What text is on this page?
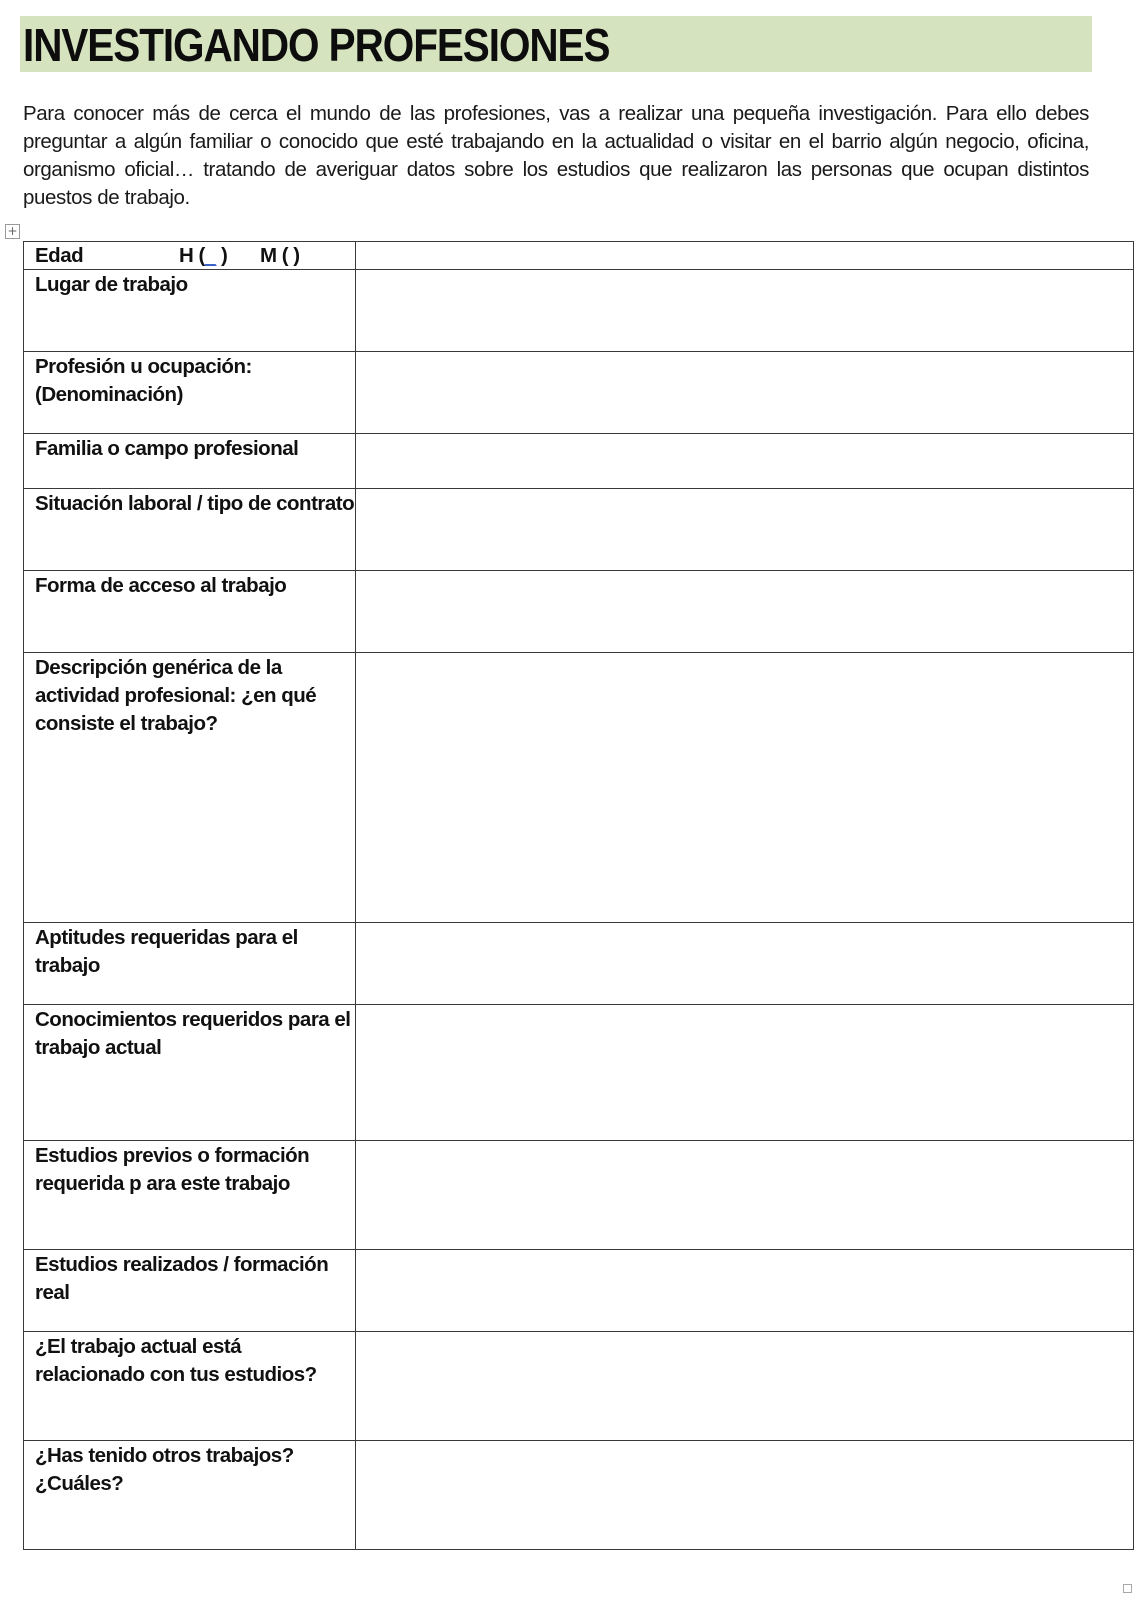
INVESTIGANDO PROFESIONES

Para conocer más de cerca el mundo de las profesiones, vas a realizar una pequeña investigación. Para ello debes preguntar a algún familiar o conocido que esté trabajando en la actualidad o visitar en el barrio algún negocio, oficina, organismo oficial… tratando de averiguar datos sobre los estudios que realizaron las personas que ocupan distintos puestos de trabajo.

+
Edad H (_ ) M ( )	

Lugar de trabajo	
Profesión u ocupación: (Denominación)	
Familia o campo profesional	
Situación laboral / tipo de contrato	
Forma de acceso al trabajo	
Descripción genérica de la actividad profesional: ¿en qué consiste el trabajo?	
Aptitudes requeridas para el trabajo	
Conocimientos requeridos para el trabajo actual	
Estudios previos o formación requerida p ara este trabajo	
Estudios realizados / formación real	
¿El trabajo actual está relacionado con tus estudios?	
¿Has tenido otros trabajos? ¿Cuáles?	
